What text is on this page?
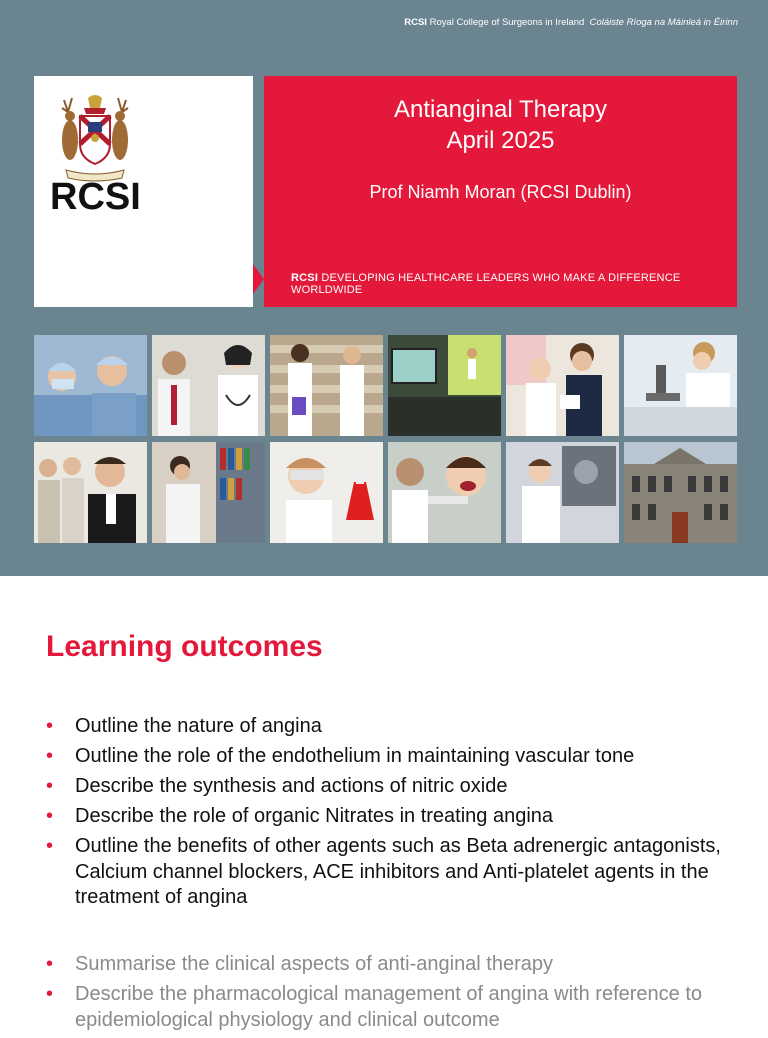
RCSI Royal College of Surgeons in Ireland Coláiste Ríoga na Máinleá in Éirinn
RCSI
Antianginal Therapy
April 2025
Prof Niamh Moran (RCSI Dublin)
RCSI DEVELOPING HEALTHCARE LEADERS WHO MAKE A DIFFERENCE WORLDWIDE
Learning outcomes
• Outline the nature of angina
• Outline the role of the endothelium in maintaining vascular tone
• Describe the synthesis and actions of nitric oxide
• Describe the role of organic Nitrates in treating angina
• Outline the benefits of other agents such as Beta adrenergic antagonists, Calcium channel blockers, ACE inhibitors and Anti-platelet agents in the treatment of angina
• Summarise the clinical aspects of anti-anginal therapy
• Describe the pharmacological management of angina with reference to epidemiological physiology and clinical outcome
